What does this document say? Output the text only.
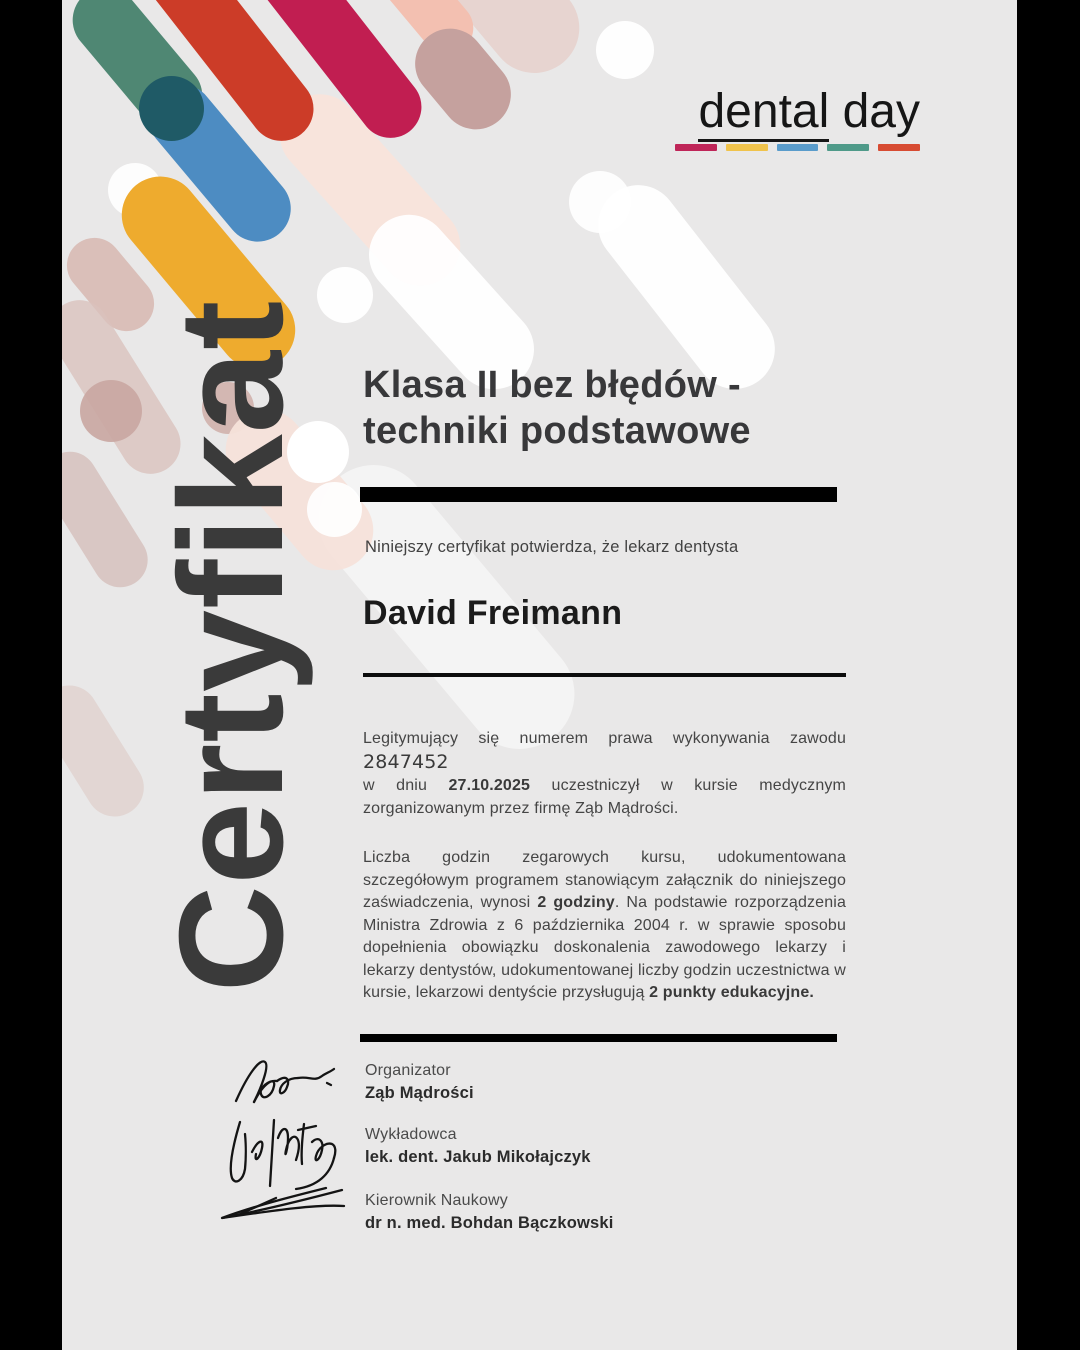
dental day
Certyfikat Klasa II bez błędów -
techniki podstawowe
Niniejszy certyfikat potwierdza, że lekarz dentysta
David Freimann
Legitymujący się numerem prawa wykonywania zawodu 2847452
w dniu 27.10.2025 uczestniczył w kursie medycznym zorganizowanym przez firmę Ząb Mądrości.
Liczba godzin zegarowych kursu, udokumentowana szczegółowym programem stanowiącym załącznik do niniejszego zaświadczenia, wynosi 2 godziny. Na podstawie rozporządzenia Ministra Zdrowia z 6 października 2004 r. w sprawie sposobu dopełnienia obowiązku doskonalenia zawodowego lekarzy i lekarzy dentystów, udokumentowanej liczby godzin uczestnictwa w kursie, lekarzowi dentyście przysługują 2 punkty edukacyjne.
Organizator
Ząb Mądrości
Wykładowca
lek. dent. Jakub Mikołajczyk
Kierownik Naukowy
dr n. med. Bohdan Bączkowski
